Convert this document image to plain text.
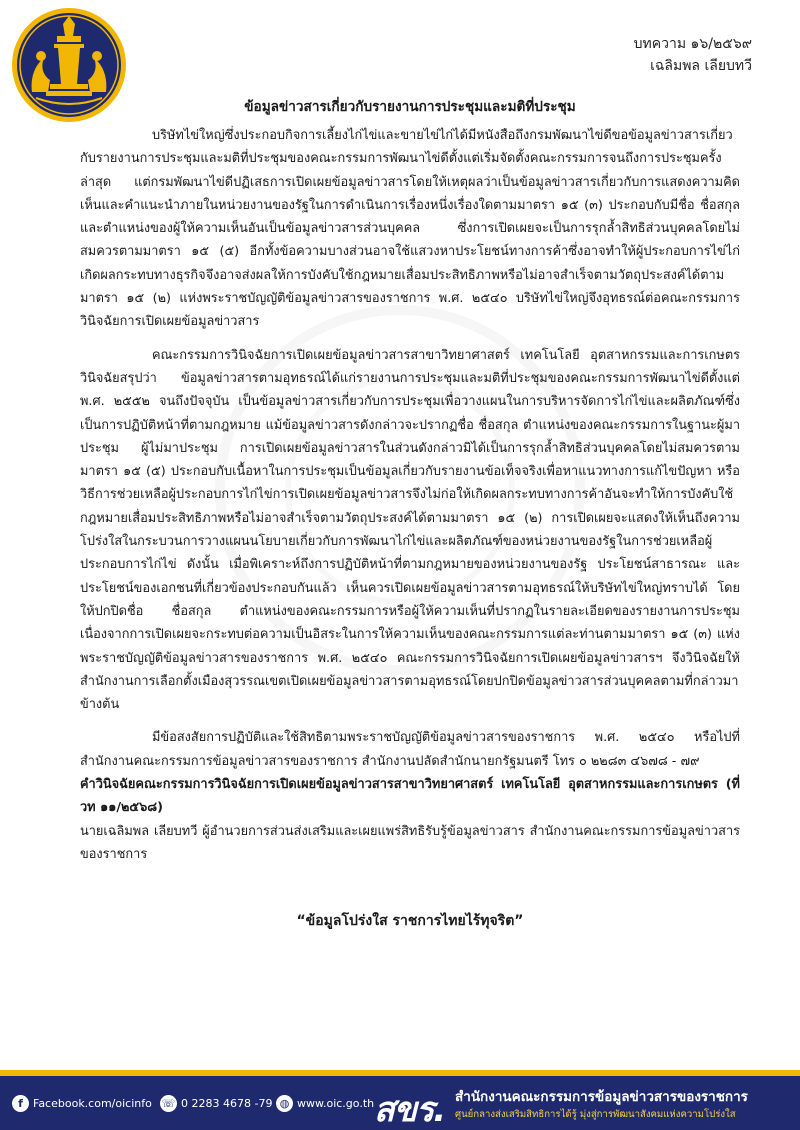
บทความ ๑๖/๒๕๖๙
เฉลิมพล เลียบทวี
ข้อมูลข่าวสารเกี่ยวกับรายงานการประชุมและมติที่ประชุม

บริษัทไข่ใหญ่ซึ่งประกอบกิจการเลี้ยงไก่ไข่และขายไข่ไก่ได้มีหนังสือถึงกรมพัฒนาไข่ดีขอข้อมูลข่าวสารเกี่ยวกับรายงานการประชุมและมติที่ประชุมของคณะกรรมการพัฒนาไข่ดีตั้งแต่เริ่มจัดตั้งคณะกรรมการจนถึงการประชุมครั้งล่าสุด แต่กรมพัฒนาไข่ดีปฏิเสธการเปิดเผยข้อมูลข่าวสารโดยให้เหตุผลว่าเป็นข้อมูลข่าวสารเกี่ยวกับการแสดงความคิดเห็นและคำแนะนำภายในหน่วยงานของรัฐในการดำเนินการเรื่องหนึ่งเรื่องใดตามมาตรา ๑๕ (๓) ประกอบกับมีชื่อ ชื่อสกุล และตำแหน่งของผู้ให้ความเห็นอันเป็นข้อมูลข่าวสารส่วนบุคคล ซึ่งการเปิดเผยจะเป็นการรุกล้ำสิทธิส่วนบุคคลโดยไม่สมควรตามมาตรา ๑๕ (๕) อีกทั้งข้อความบางส่วนอาจใช้แสวงหาประโยชน์ทางการค้าซึ่งอาจทำให้ผู้ประกอบการไข่ไก่เกิดผลกระทบทางธุรกิจจึงอาจส่งผลให้การบังคับใช้กฎหมายเสื่อมประสิทธิภาพหรือไม่อาจสำเร็จตามวัตถุประสงค์ได้ตามมาตรา ๑๕ (๒) แห่งพระราชบัญญัติข้อมูลข่าวสารของราชการ พ.ศ. ๒๕๔๐ บริษัทไข่ใหญ่จึงอุทธรณ์ต่อคณะกรรมการวินิจฉัยการเปิดเผยข้อมูลข่าวสาร

คณะกรรมการวินิจฉัยการเปิดเผยข้อมูลข่าวสารสาขาวิทยาศาสตร์ เทคโนโลยี อุตสาหกรรมและการเกษตรวินิจฉัยสรุปว่า ข้อมูลข่าวสารตามอุทธรณ์ได้แก่รายงานการประชุมและมติที่ประชุมของคณะกรรมการพัฒนาไข่ดีตั้งแต่ พ.ศ. ๒๕๕๒ จนถึงปัจจุบัน เป็นข้อมูลข่าวสารเกี่ยวกับการประชุมเพื่อวางแผนในการบริหารจัดการไก่ไข่และผลิตภัณฑ์ซึ่งเป็นการปฏิบัติหน้าที่ตามกฎหมาย แม้ข้อมูลข่าวสารดังกล่าวจะปรากฏชื่อ ชื่อสกุล ตำแหน่งของคณะกรรมการในฐานะผู้มาประชุม ผู้ไม่มาประชุม การเปิดเผยข้อมูลข่าวสารในส่วนดังกล่าวมิได้เป็นการรุกล้ำสิทธิส่วนบุคคลโดยไม่สมควรตามมาตรา ๑๕ (๕) ประกอบกับเนื้อหาในการประชุมเป็นข้อมูลเกี่ยวกับรายงานข้อเท็จจริงเพื่อหาแนวทางการแก้ไขปัญหา หรือวิธีการช่วยเหลือผู้ประกอบการไก่ไข่การเปิดเผยข้อมูลข่าวสารจึงไม่ก่อให้เกิดผลกระทบทางการค้าอันจะทำให้การบังคับใช้กฎหมายเสื่อมประสิทธิภาพหรือไม่อาจสำเร็จตามวัตถุประสงค์ได้ตามมาตรา ๑๕ (๒) การเปิดเผยจะแสดงให้เห็นถึงความโปร่งใสในกระบวนการวางแผนนโยบายเกี่ยวกับการพัฒนาไก่ไข่และผลิตภัณฑ์ของหน่วยงานของรัฐในการช่วยเหลือผู้ประกอบการไก่ไข่ ดังนั้น เมื่อพิเคราะห์ถึงการปฏิบัติหน้าที่ตามกฎหมายของหน่วยงานของรัฐ ประโยชน์สาธารณะ และประโยชน์ของเอกชนที่เกี่ยวข้องประกอบกันแล้ว เห็นควรเปิดเผยข้อมูลข่าวสารตามอุทธรณ์ให้บริษัทไข่ใหญ่ทราบได้ โดยให้ปกปิดชื่อ ชื่อสกุล ตำแหน่งของคณะกรรมการหรือผู้ให้ความเห็นที่ปรากฏในรายละเอียดของรายงานการประชุม เนื่องจากการเปิดเผยจะกระทบต่อความเป็นอิสระในการให้ความเห็นของคณะกรรมการแต่ละท่านตามมาตรา ๑๕ (๓) แห่งพระราชบัญญัติข้อมูลข่าวสารของราชการ พ.ศ. ๒๕๔๐ คณะกรรมการวินิจฉัยการเปิดเผยข้อมูลข่าวสารฯ จึงวินิจฉัยให้สำนักงานการเลือกตั้งเมืองสุวรรณเขตเปิดเผยข้อมูลข่าวสารตามอุทธรณ์โดยปกปิดข้อมูลข่าวสารส่วนบุคคลตามที่กล่าวมาข้างต้น

มีข้อสงสัยการปฏิบัติและใช้สิทธิตามพระราชบัญญัติข้อมูลข่าวสารของราชการ พ.ศ. ๒๕๔๐ หรือไปที่สำนักงานคณะกรรมการข้อมูลข่าวสารของราชการ สำนักงานปลัดสำนักนายกรัฐมนตรี โทร ๐ ๒๒๘๓ ๔๖๗๘ - ๗๙

คำวินิจฉัยคณะกรรมการวินิจฉัยการเปิดเผยข้อมูลข่าวสารสาขาวิทยาศาสตร์ เทคโนโลยี อุตสาหกรรมและการเกษตร (ที่ วท ๑๑/๒๕๖๘)

นายเฉลิมพล เลียบทวี ผู้อำนวยการส่วนส่งเสริมและเผยแพร่สิทธิรับรู้ข้อมูลข่าวสาร สำนักงานคณะกรรมการข้อมูลข่าวสารของราชการ

“ข้อมูลโปร่งใส ราชการไทยไร้ทุจริต”
f Facebook.com/oicinfo ☏ 0 2283 4678 -79 ◍ www.oic.go.th สขร. สำนักงานคณะกรรมการข้อมูลข่าวสารของราชการ
ศูนย์กลางส่งเสริมสิทธิการได้รู้ มุ่งสู่การพัฒนาสังคมแห่งความโปร่งใส
